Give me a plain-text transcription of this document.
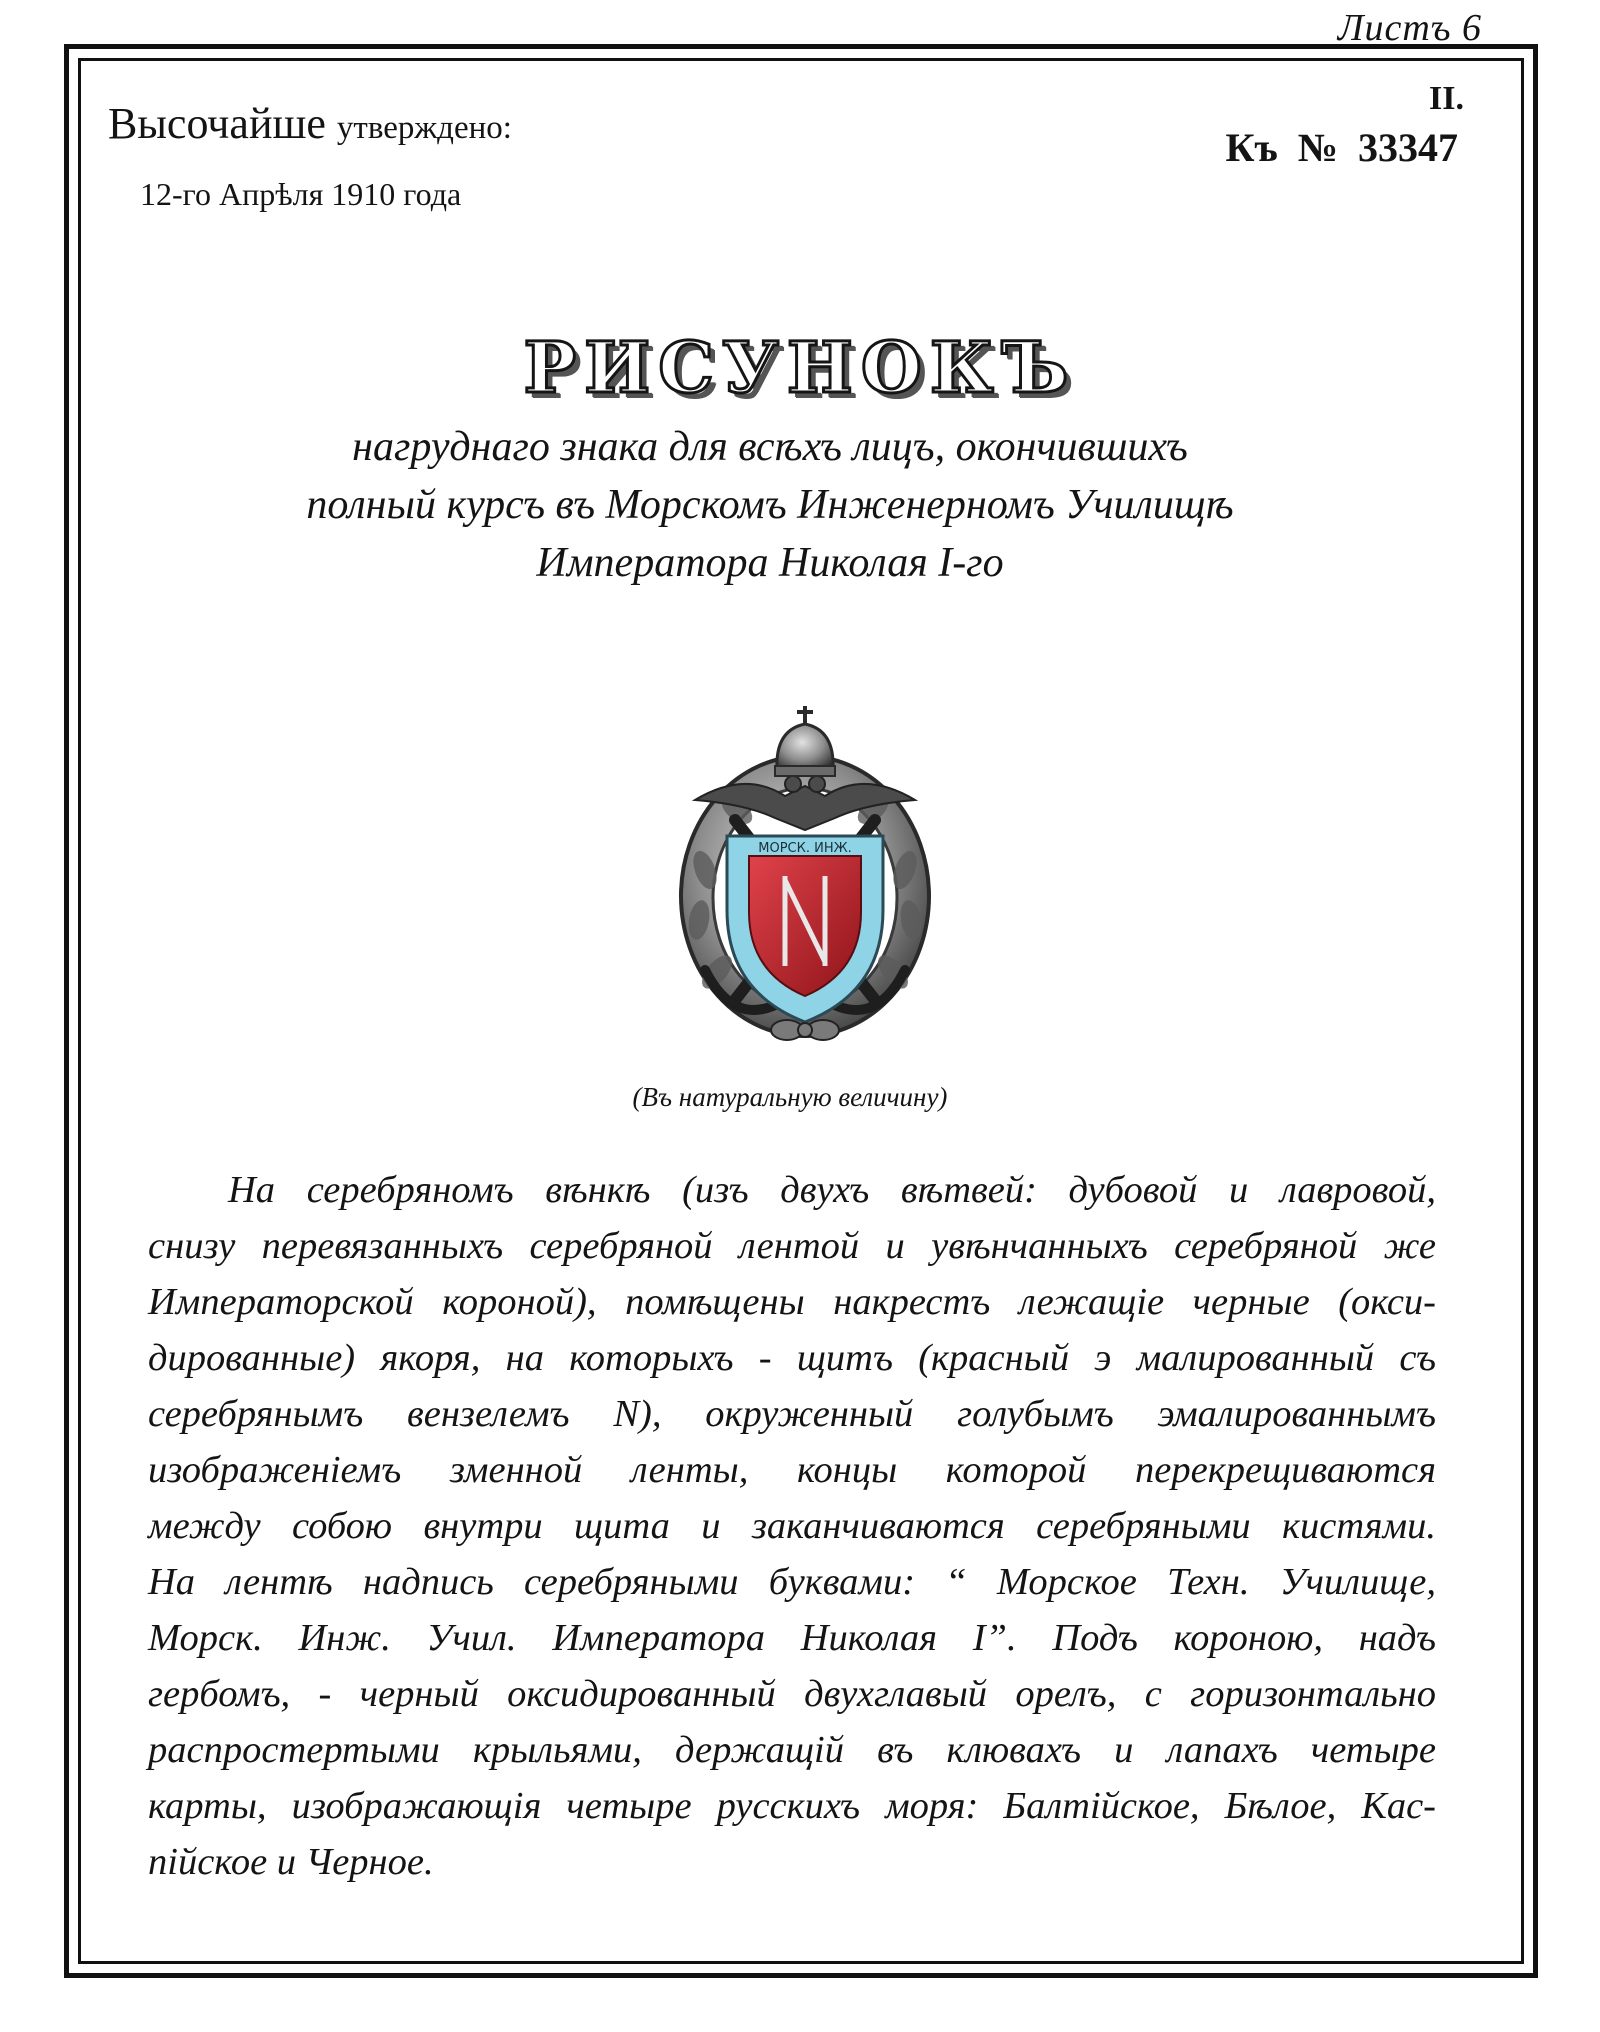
Листъ 6
Высочайше утверждено:
12-го Апрѣля 1910 года
II.
Къ № 33347
РИСУНОКЪ
нагруднаго знака для всѣхъ лицъ, окончившихъ
полный курсъ въ Морскомъ Инженерномъ Училищѣ
Императора Николая I-го
МОРСК. ИНЖ.
(Въ натуральную величину)
На серебряномъ вѣнкѣ (изъ двухъ вѣтвей: дубовой и лавровой,
снизу перевязанныхъ серебряной лентой и увѣнчанныхъ серебряной же
Императорской короной), помѣщены накрестъ лежащіе черные (окси-
дированные) якоря, на которыхъ - щитъ (красный э малированный съ
серебрянымъ вензелемъ N), окруженный голубымъ эмалированнымъ
изображеніемъ зменной ленты, концы которой перекрещиваются
между собою внутри щита и заканчиваются серебряными кистями.
На лентѣ надпись серебряными буквами: “ Морское Техн. Училище,
Морск. Инж. Учил. Императора Николая I”. Подъ короною, надъ
гербомъ, - черный оксидированный двухглавый орелъ, с горизонтально
распростертыми крыльями, держащій въ клювахъ и лапахъ четыре
карты, изображающія четыре русскихъ моря: Балтійское, Бѣлое, Кас-
пійское и Черное.
